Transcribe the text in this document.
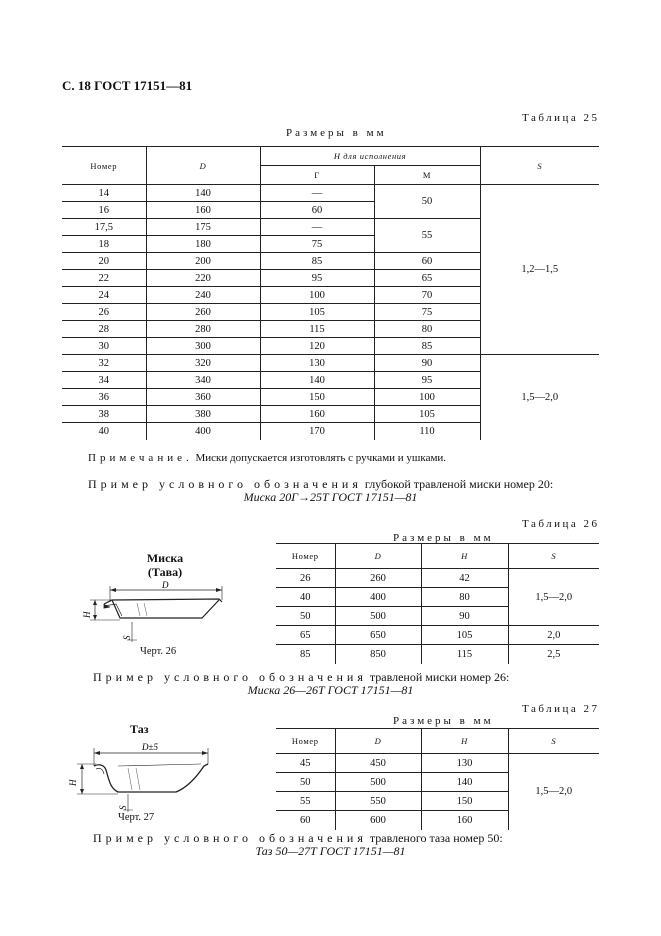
С. 18 ГОСТ 17151—81
Таблица 25
Размеры в мм
Номер	D	H для исполнения		S
		Г	М	
14	140	—	50	1,2—1,5
16	160	60		
17,5	175	—	55	
18	180	75		
20	200	85	60	
22	220	95	65	
24	240	100	70	
26	260	105	75	
28	280	115	80	
30	300	120	85	
32	320	130	90	1,5—2,0
34	340	140	95	
36	360	150	100	
38	380	160	105	
40	400	170	110	
Примечание. Миски допускается изготовлять с ручками и ушками.
Пример условного обозначения глубокой травленой миски номер 20:
Миска 20Г→25Т ГОСТ 17151—81
Миска
(Тава)
D
H
S
Черт. 26
Таблица 26
Размеры в мм
Номер	D	H	S
26	260	42	1,5—2,0
40	400	80	
50	500	90	
65	650	105	2,0
85	850	115	2,5
Пример условного обозначения травленой миски номер 26:
Миска 26—26Т ГОСТ 17151—81
Таз
D±5
H
S
Черт. 27
Таблица 27
Размеры в мм
Номер	D	H	S
45	450	130	1,5—2,0
50	500	140	
55	550	150	
60	600	160	
Пример условного обозначения травленого таза номер 50:
Таз 50—27Т ГОСТ 17151—81
